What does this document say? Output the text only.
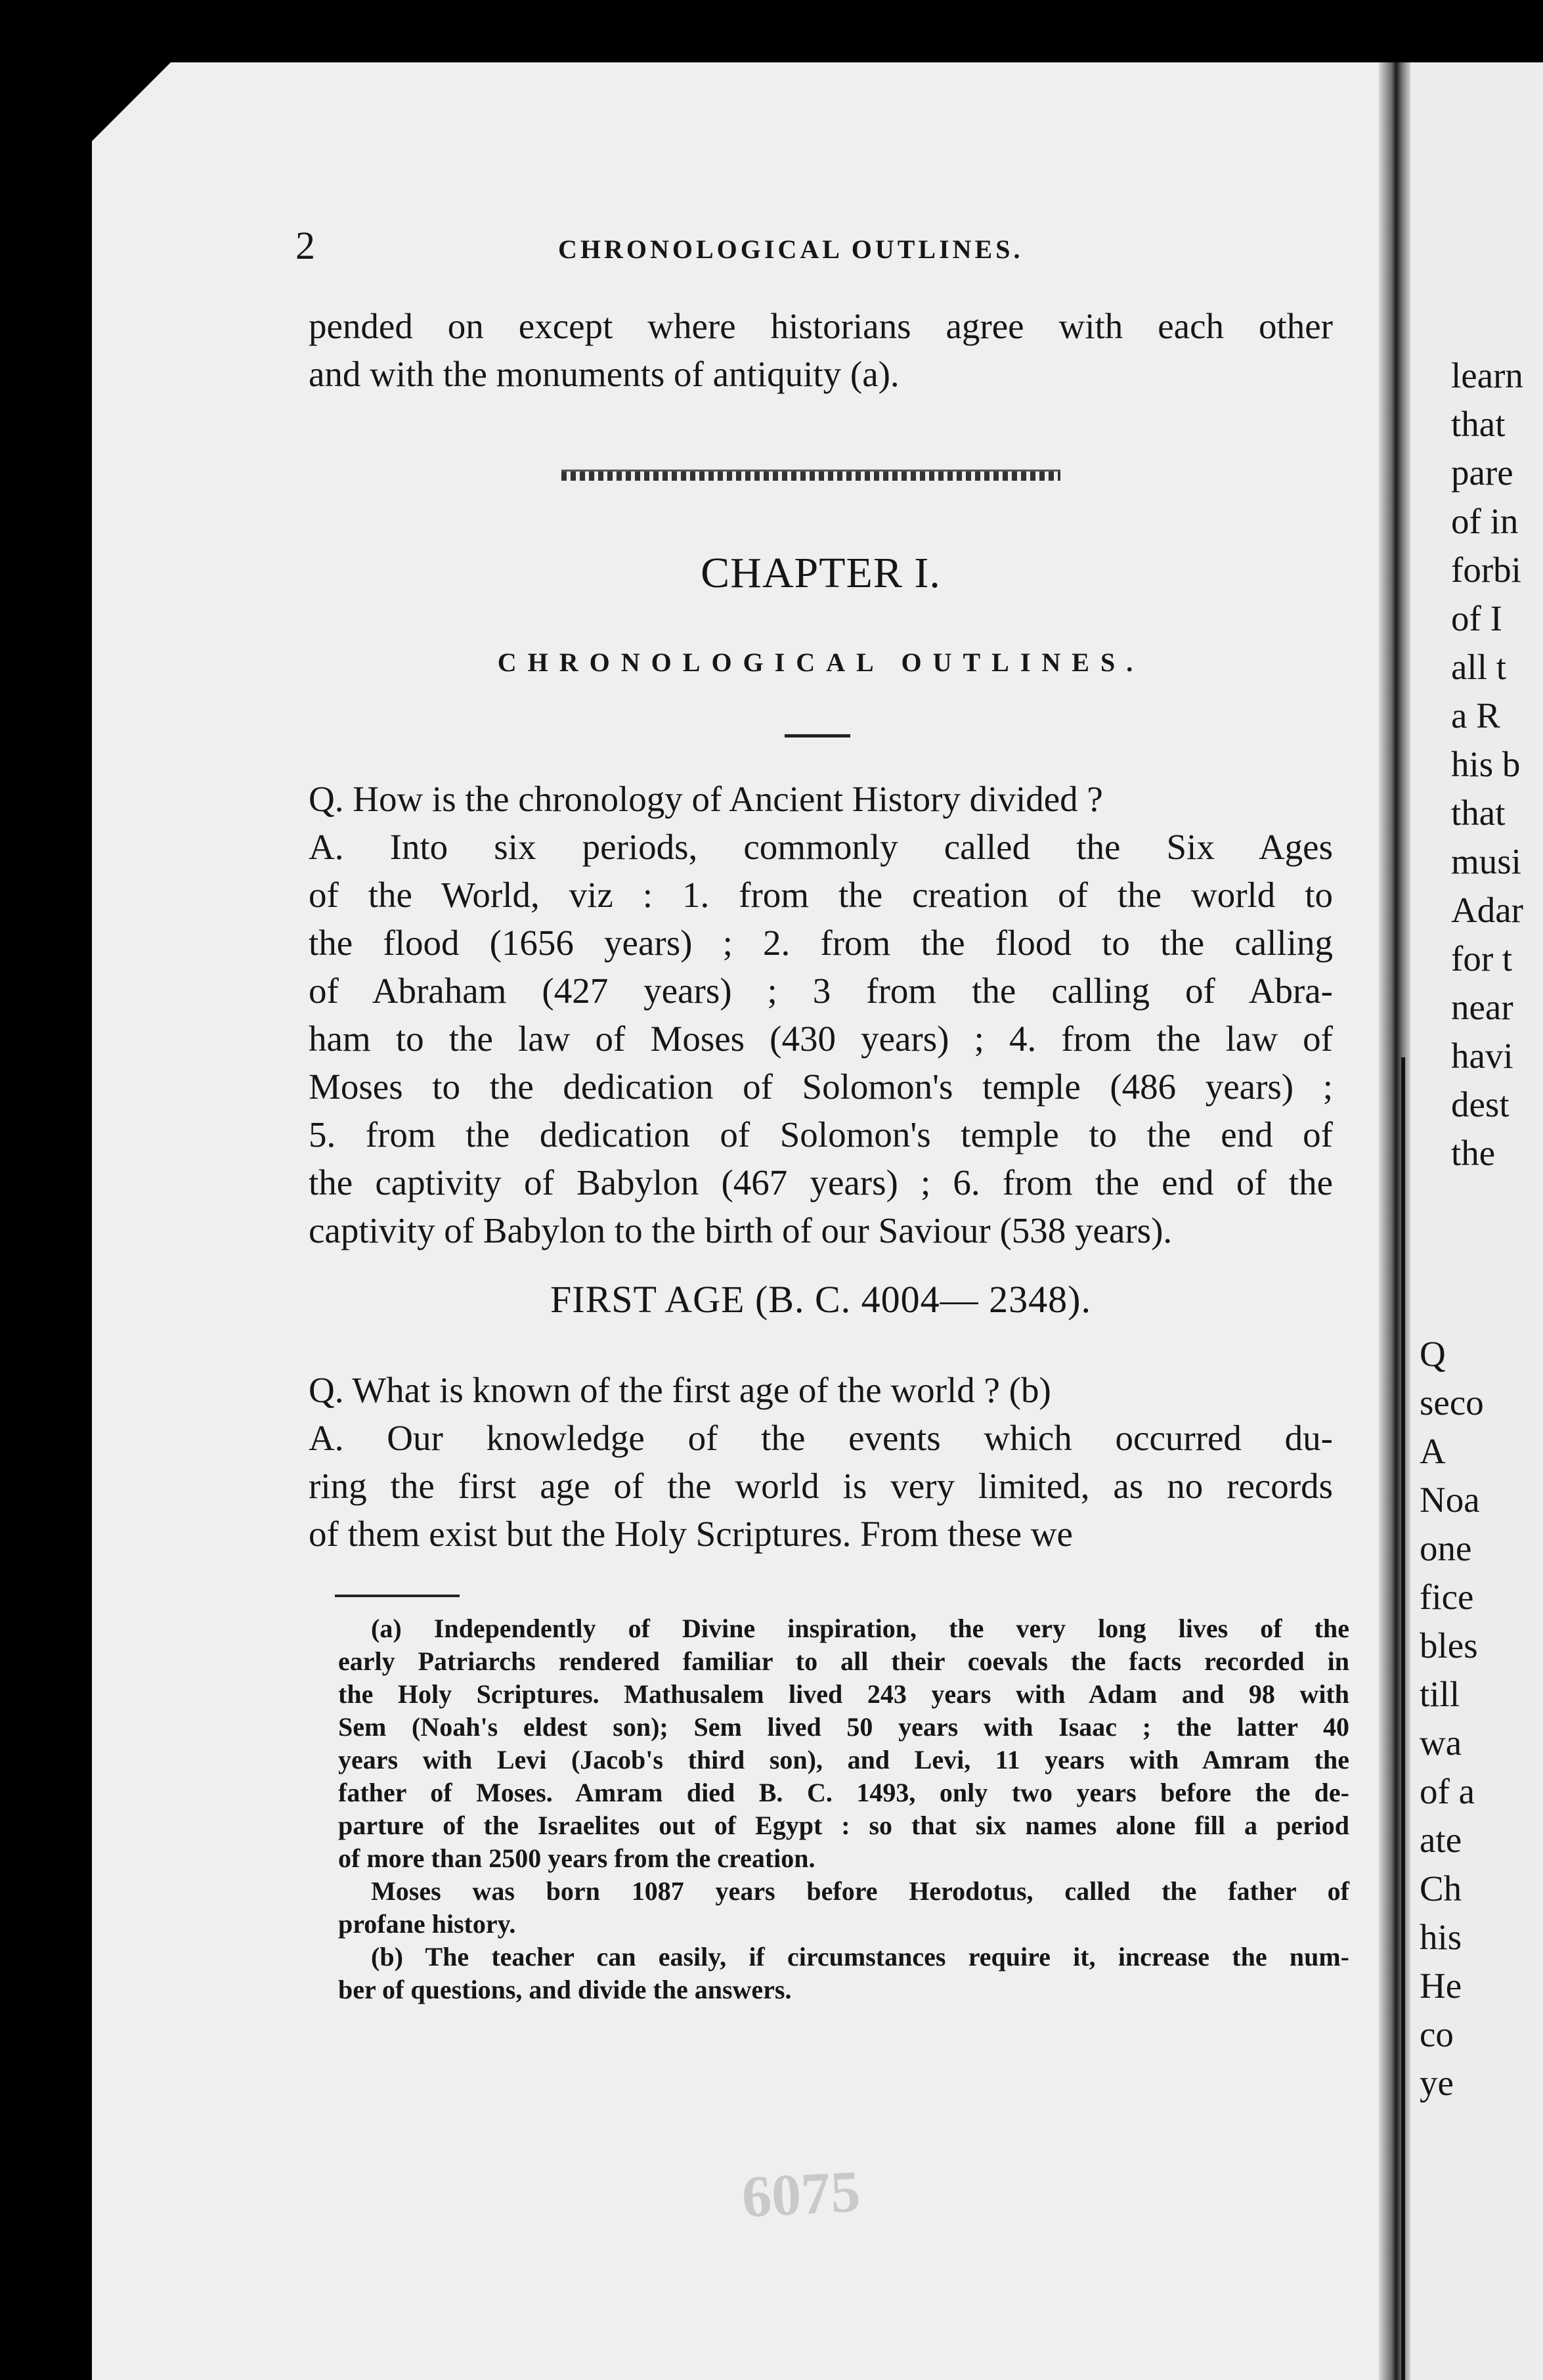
learn
that
pare
of in
forbi
of I
all t
a R
his b
that
musi
Adar
for t
near
havi
dest
the
Q
seco
A
Noa
one
fice
bles
till
wa
of a
ate
Ch
his
He
co
ye
2	CHRONOLOGICAL OUTLINES.

pended on except where historians agree with each other
and with the monuments of antiquity (a).

CHAPTER I.
CHRONOLOGICAL OUTLINES.

Q. How is the chronology of Ancient History divided ?
A. Into six periods, commonly called the Six Ages
of the World, viz : 1. from the creation of the world to
the flood (1656 years) ; 2. from the flood to the calling
of Abraham (427 years) ; 3 from the calling of Abra-
ham to the law of Moses (430 years) ; 4. from the law of
Moses to the dedication of Solomon's temple (486 years) ;
5. from the dedication of Solomon's temple to the end of
the captivity of Babylon (467 years) ; 6. from the end of the
captivity of Babylon to the birth of our Saviour (538 years).

FIRST AGE (B. C. 4004— 2348).

Q. What is known of the first age of the world ? (b)
A. Our knowledge of the events which occurred du-
ring the first age of the world is very limited, as no records
of them exist but the Holy Scriptures. From these we

(a) Independently of Divine inspiration, the very long lives of the
early Patriarchs rendered familiar to all their coevals the facts recorded in
the Holy Scriptures. Mathusalem lived 243 years with Adam and 98 with
Sem (Noah's eldest son); Sem lived 50 years with Isaac ; the latter 40
years with Levi (Jacob's third son), and Levi, 11 years with Amram the
father of Moses. Amram died B. C. 1493, only two years before the de-
parture of the Israelites out of Egypt : so that six names alone fill a period
of more than 2500 years from the creation.
Moses was born 1087 years before Herodotus, called the father of
profane history.
(b) The teacher can easily, if circumstances require it, increase the num-
ber of questions, and divide the answers.

6075
